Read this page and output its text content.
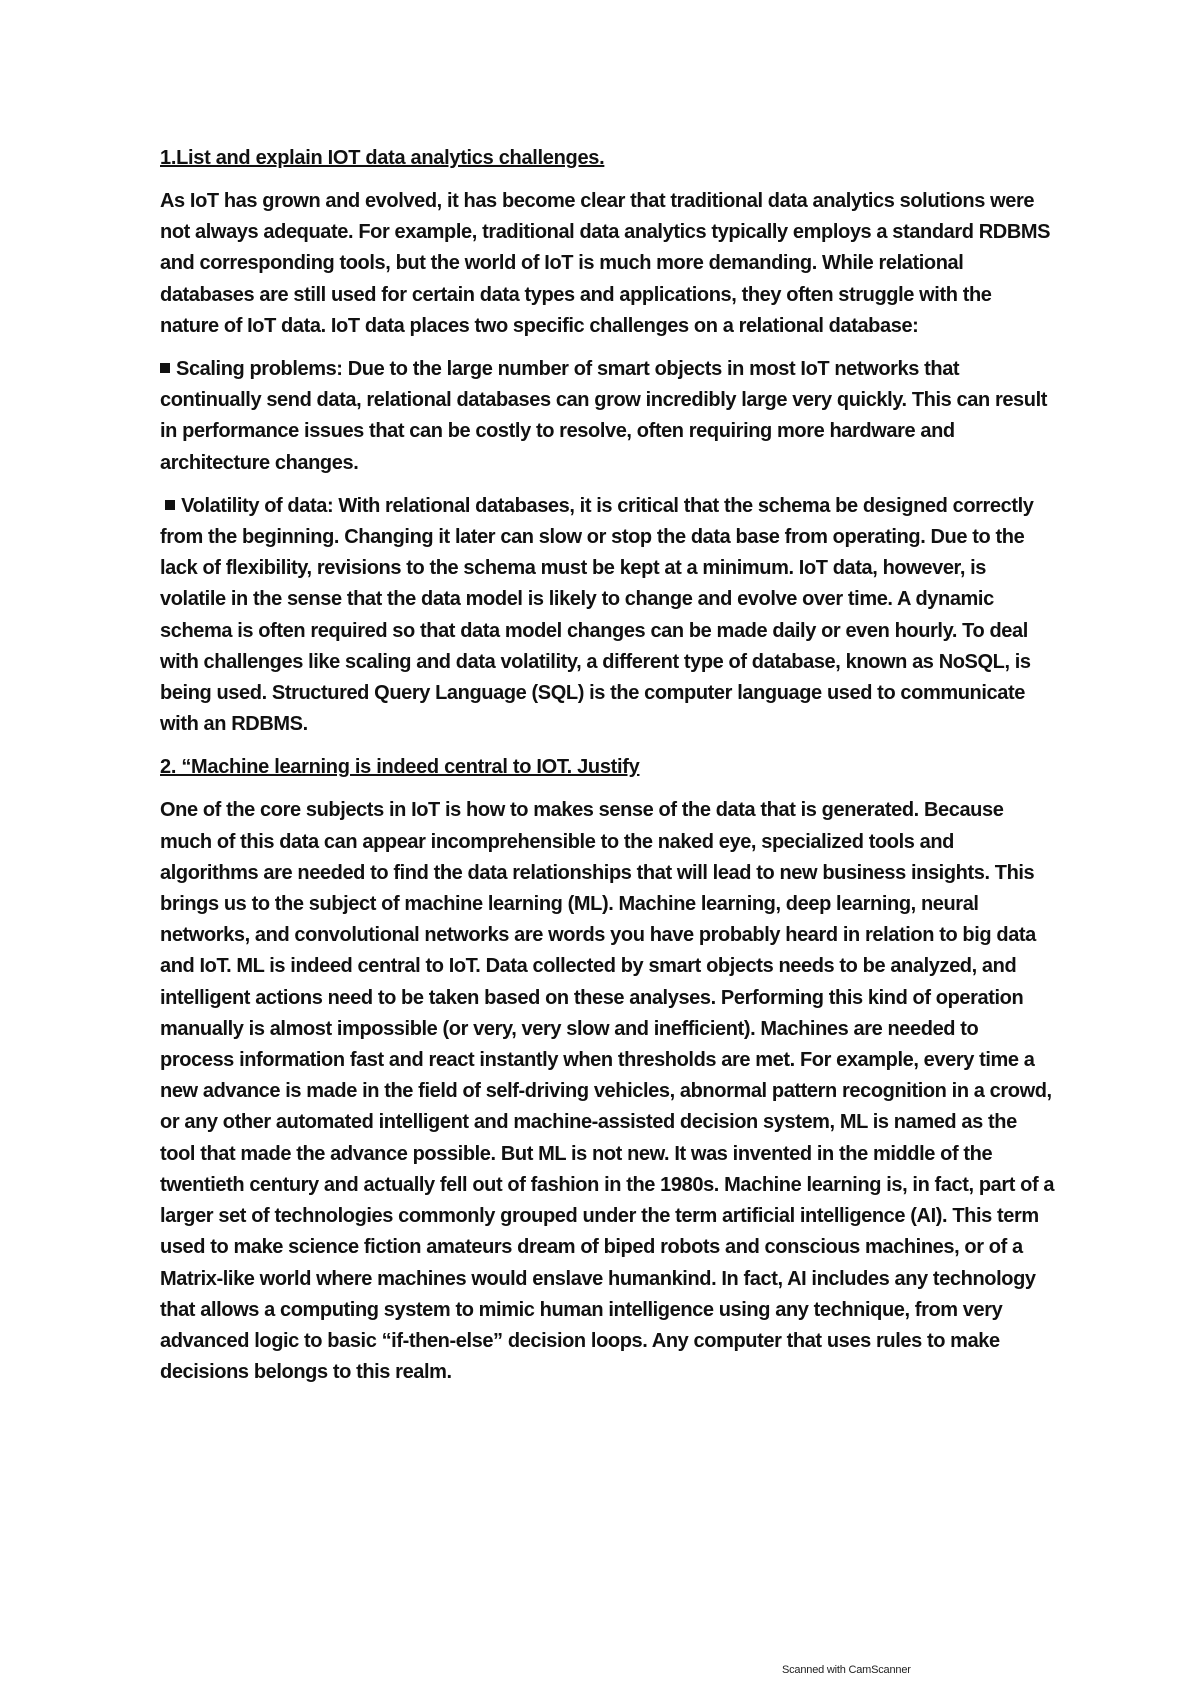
1.List and explain IOT data analytics challenges.

As IoT has grown and evolved, it has become clear that traditional data analytics solutions were not always adequate. For example, traditional data analytics typically employs a standard RDBMS and corresponding tools, but the world of IoT is much more demanding. While relational databases are still used for certain data types and applications, they often struggle with the nature of IoT data. IoT data places two specific challenges on a relational database:

Scaling problems: Due to the large number of smart objects in most IoT networks that continually send data, relational databases can grow incredibly large very quickly. This can result in performance issues that can be costly to resolve, often requiring more hardware and architecture changes.

Volatility of data: With relational databases, it is critical that the schema be designed correctly from the beginning. Changing it later can slow or stop the data base from operating. Due to the lack of flexibility, revisions to the schema must be kept at a minimum. IoT data, however, is volatile in the sense that the data model is likely to change and evolve over time. A dynamic schema is often required so that data model changes can be made daily or even hourly. To deal with challenges like scaling and data volatility, a different type of database, known as NoSQL, is being used. Structured Query Language (SQL) is the computer language used to communicate with an RDBMS.

2. “Machine learning is indeed central to IOT. Justify

One of the core subjects in IoT is how to makes sense of the data that is generated. Because much of this data can appear incomprehensible to the naked eye, specialized tools and algorithms are needed to find the data relationships that will lead to new business insights. This brings us to the subject of machine learning (ML). Machine learning, deep learning, neural networks, and convolutional networks are words you have probably heard in relation to big data and IoT. ML is indeed central to IoT. Data collected by smart objects needs to be analyzed, and intelligent actions need to be taken based on these analyses. Performing this kind of operation manually is almost impossible (or very, very slow and inefficient). Machines are needed to process information fast and react instantly when thresholds are met. For example, every time a new advance is made in the field of self-driving vehicles, abnormal pattern recognition in a crowd, or any other automated intelligent and machine-assisted decision system, ML is named as the tool that made the advance possible. But ML is not new. It was invented in the middle of the twentieth century and actually fell out of fashion in the 1980s. Machine learning is, in fact, part of a larger set of technologies commonly grouped under the term artificial intelligence (AI). This term used to make science fiction amateurs dream of biped robots and conscious machines, or of a Matrix-like world where machines would enslave humankind. In fact, AI includes any technology that allows a computing system to mimic human intelligence using any technique, from very advanced logic to basic “if-then-else” decision loops. Any computer that uses rules to make decisions belongs to this realm.

Scanned with CamScanner
